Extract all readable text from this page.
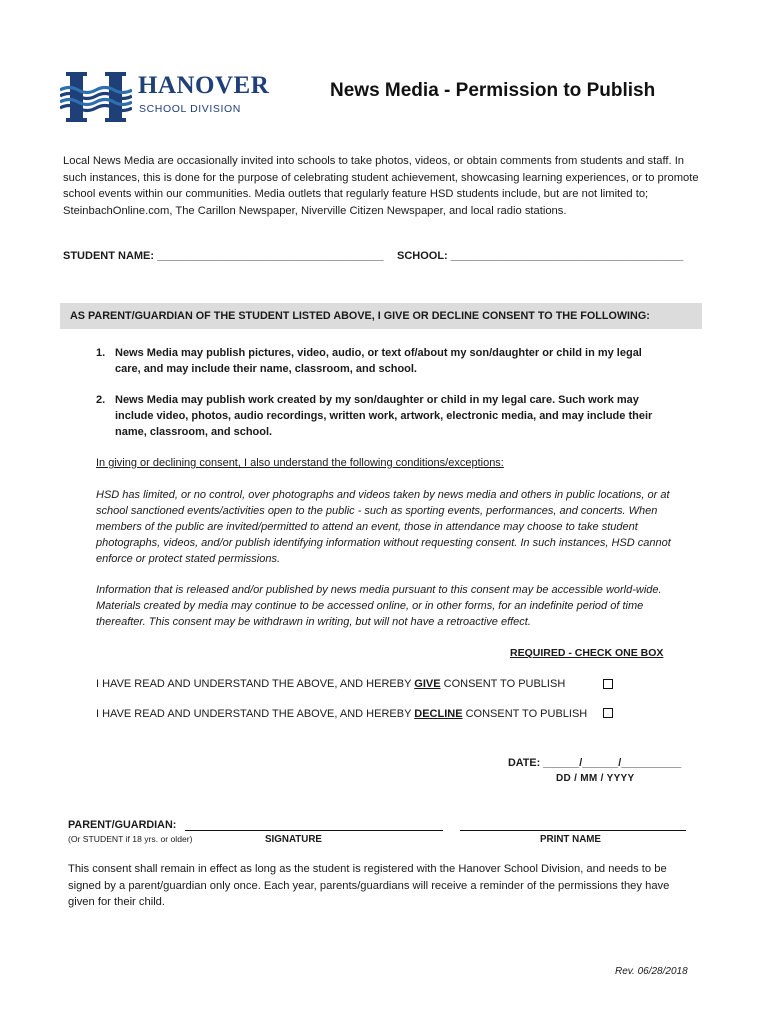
HANOVER
SCHOOL DIVISION
News Media - Permission to Publish
Local News Media are occasionally invited into schools to take photos, videos, or obtain comments from students and staff. In such instances, this is done for the purpose of celebrating student achievement, showcasing learning experiences, or to promote school events within our communities. Media outlets that regularly feature HSD students include, but are not limited to; SteinbachOnline.com, The Carillon Newspaper, Niverville Citizen Newspaper, and local radio stations.
STUDENT NAME: _____________________________________ SCHOOL: ______________________________________
AS PARENT/GUARDIAN OF THE STUDENT LISTED ABOVE, I GIVE OR DECLINE CONSENT TO THE FOLLOWING:
1. News Media may publish pictures, video, audio, or text of/about my son/daughter or child in my legal care, and may include their name, classroom, and school.
2. News Media may publish work created by my son/daughter or child in my legal care. Such work may include video, photos, audio recordings, written work, artwork, electronic media, and may include their name, classroom, and school.
In giving or declining consent, I also understand the following conditions/exceptions:
HSD has limited, or no control, over photographs and videos taken by news media and others in public locations, or at school sanctioned events/activities open to the public - such as sporting events, performances, and concerts. When members of the public are invited/permitted to attend an event, those in attendance may choose to take student photographs, videos, and/or publish identifying information without requesting consent. In such instances, HSD cannot enforce or protect stated permissions.
Information that is released and/or published by news media pursuant to this consent may be accessible world-wide. Materials created by media may continue to be accessed online, or in other forms, for an indefinite period of time thereafter. This consent may be withdrawn in writing, but will not have a retroactive effect.
REQUIRED - CHECK ONE BOX
I HAVE READ AND UNDERSTAND THE ABOVE, AND HEREBY GIVE CONSENT TO PUBLISH
I HAVE READ AND UNDERSTAND THE ABOVE, AND HEREBY DECLINE CONSENT TO PUBLISH
DATE: ______/______/__________
DD / MM / YYYY
PARENT/GUARDIAN:
(Or STUDENT if 18 yrs. or older)	SIGNATURE	PRINT NAME
This consent shall remain in effect as long as the student is registered with the Hanover School Division, and needs to be signed by a parent/guardian only once. Each year, parents/guardians will receive a reminder of the permissions they have given for their child.
Rev. 06/28/2018
